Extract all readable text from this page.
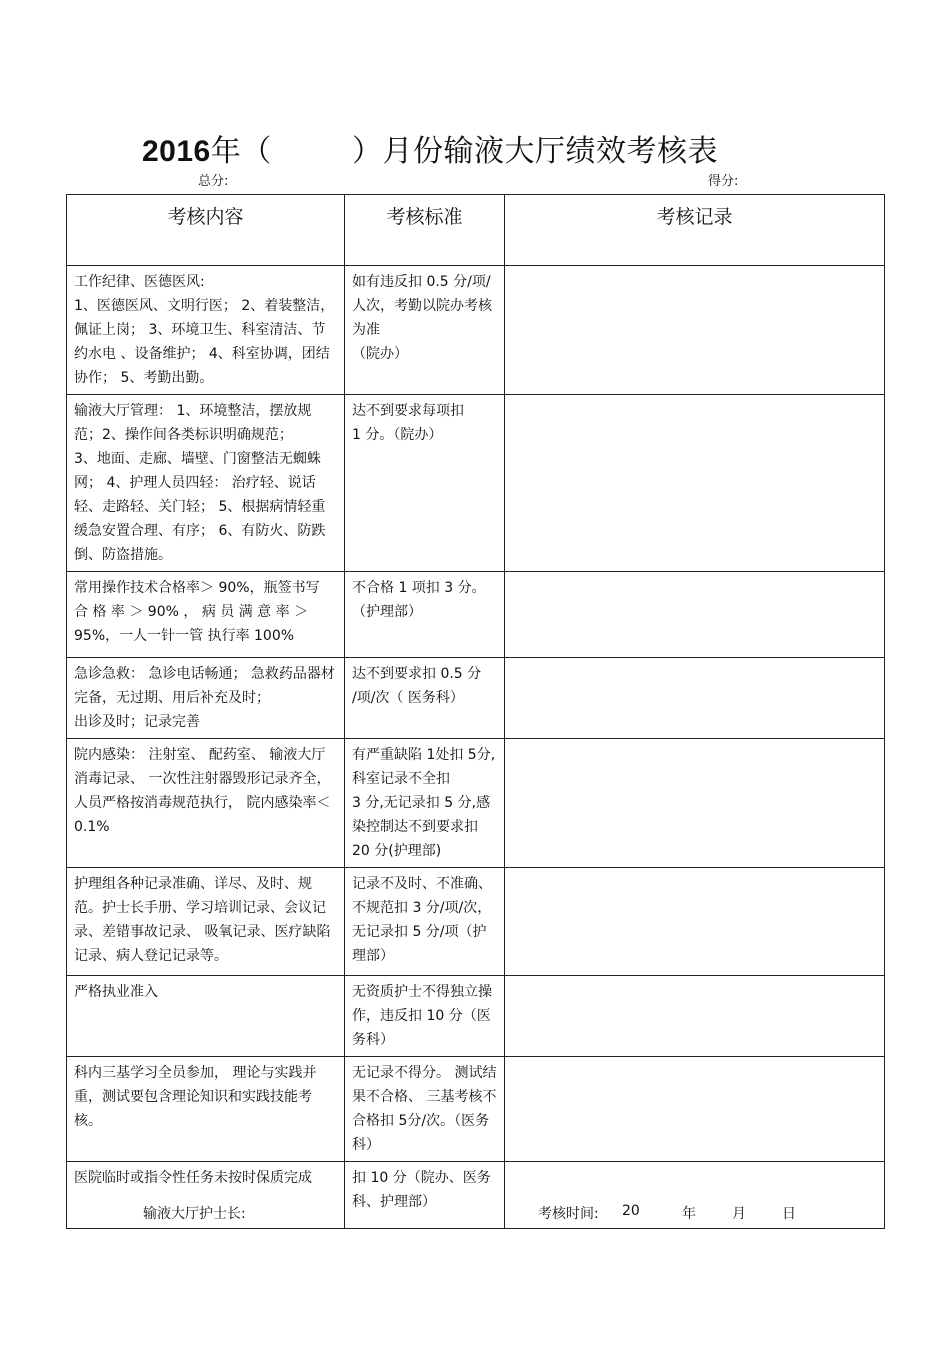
2016年（        ）月份输液大厅绩效考核表
总分:	得分:
考核内容	考核标准	考核记录
工作纪律、医德医风:
1、医德医风、文明行医； 2、着装整洁，佩证上岗； 3、环境卫生、科室清洁、节约水电 、设备维护； 4、科室协调，团结协作； 5、考勤出勤。	如有违反扣 0.5 分/项/人次，考勤以院办考核为准
（院办）	
输液大厅管理： 1、环境整洁，摆放规范；2、操作间各类标识明确规范；
3、地面、走廊、墙壁、门窗整洁无蜘蛛网； 4、护理人员四轻： 治疗轻、说话轻、走路轻、关门轻； 5、根据病情轻重缓急安置合理、有序； 6、有防火、防跌倒、防盗措施。	达不到要求每项扣
1 分。（院办）	
常用操作技术合格率＞ 90%，瓶签书写 合 格 率 ＞ 90% ， 病 员 满 意 率 ＞ 95%，一人一针一管 执行率 100%	不合格 1 项扣 3 分。（护理部）	
急诊急救： 急诊电话畅通； 急救药品器材完备，无过期、用后补充及时；
出诊及时；记录完善	达不到要求扣 0.5 分
/项/次（ 医务科）	
院内感染： 注射室、 配药室、 输液大厅消毒记录、 一次性注射器毁形记录齐全，人员严格按消毒规范执行， 院内感染率＜ 0.1%	有严重缺陷 1处扣 5分,科室记录不全扣
3 分,无记录扣 5 分,感染控制达不到要求扣 20 分(护理部)	
护理组各种记录准确、详尽、及时、规范。护士长手册、学习培训记录、会议记录、差错事故记录、 吸氧记录、医疗缺陷记录、病人登记记录等。	记录不及时、不准确、不规范扣 3 分/项/次，无记录扣 5 分/项（护理部）	
严格执业准入	无资质护士不得独立操作，违反扣 10 分（医务科）	
科内三基学习全员参加， 理论与实践并重，测试要包含理论知识和实践技能考核。	无记录不得分。 测试结果不合格、 三基考核不合格扣 5分/次。（医务科）	
医院临时或指令性任务未按时保质完成	扣 10 分（院办、医务科、护理部）	
输液大厅护士长:	考核时间:	20	年	月	日
